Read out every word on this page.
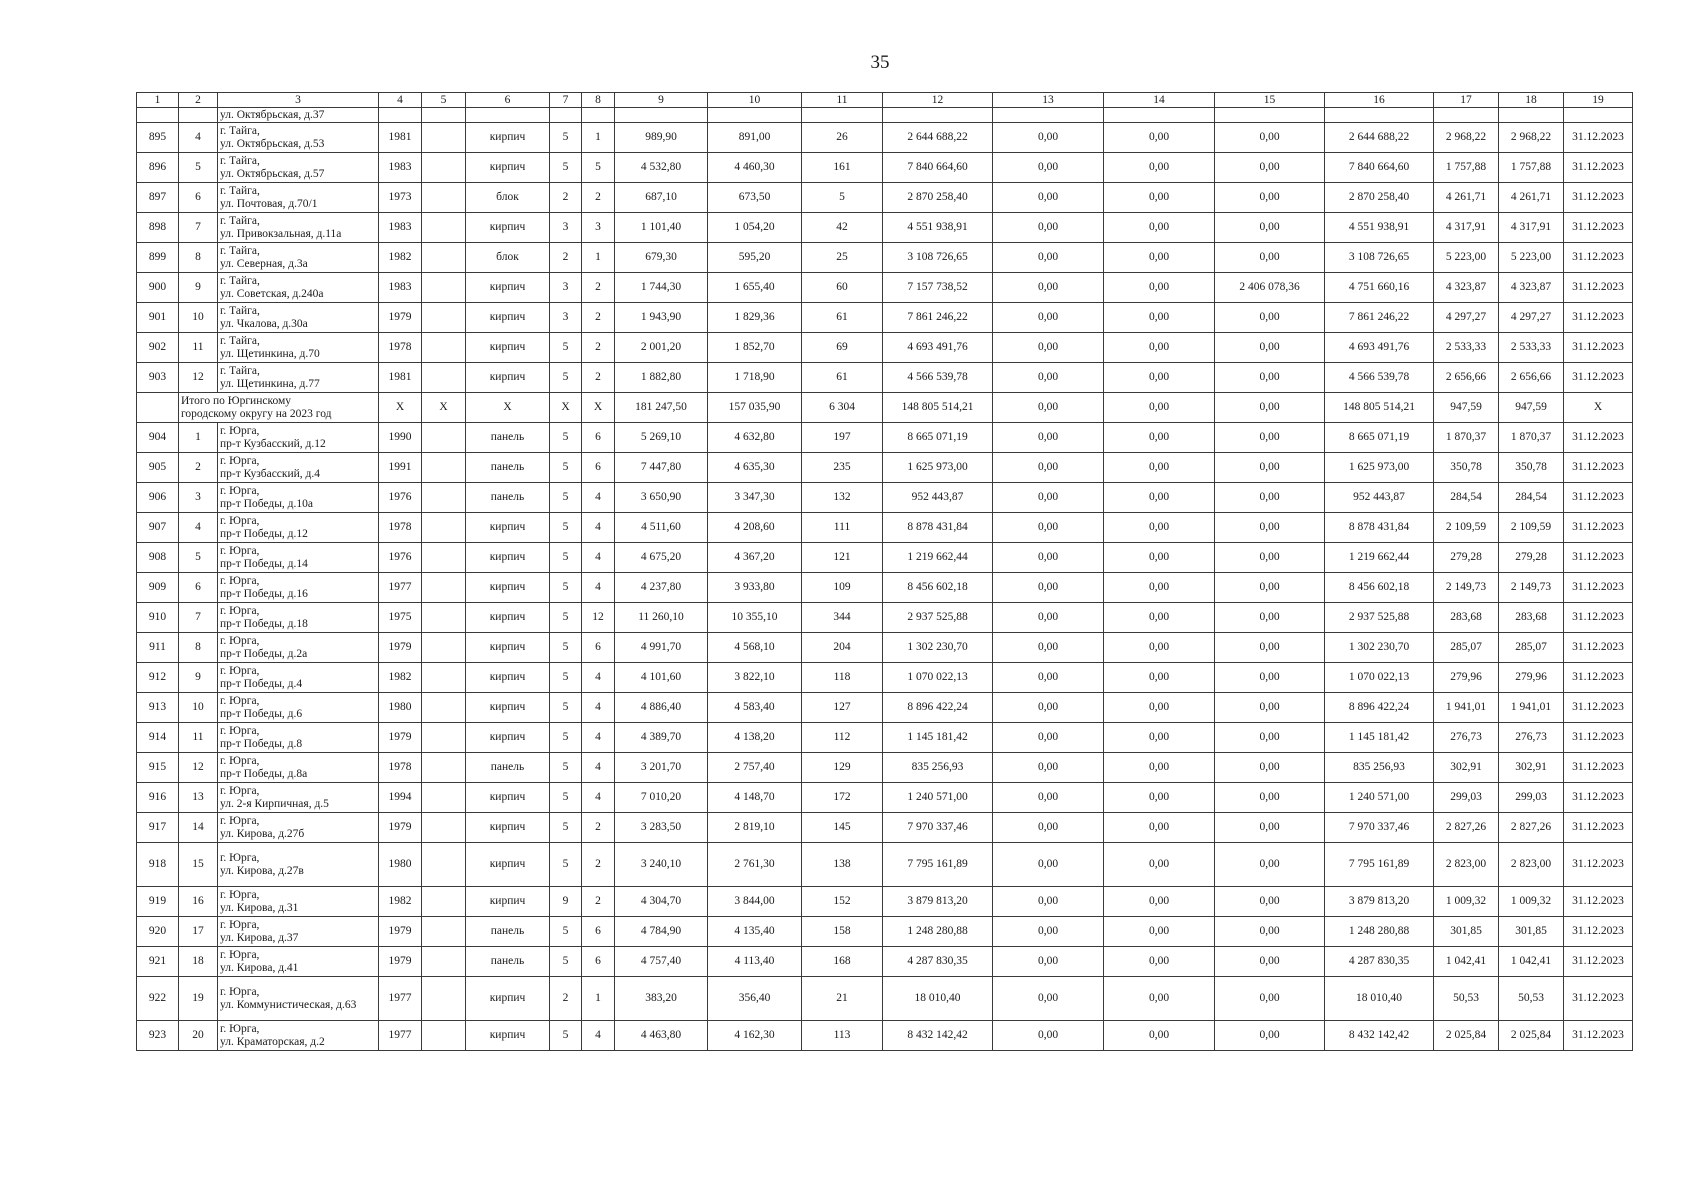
35
1	2	3	4	5	6	7	8	9	10	11	12	13	14	15	16	17	18	19
		ул. Октябрьская, д.37																
895	4	г. Тайга,
ул. Октябрьская, д.53	1981		кирпич	5	1	989,90	891,00	26	2 644 688,22	0,00	0,00	0,00	2 644 688,22	2 968,22	2 968,22	31.12.2023
896	5	г. Тайга,
ул. Октябрьская, д.57	1983		кирпич	5	5	4 532,80	4 460,30	161	7 840 664,60	0,00	0,00	0,00	7 840 664,60	1 757,88	1 757,88	31.12.2023
897	6	г. Тайга,
ул. Почтовая, д.70/1	1973		блок	2	2	687,10	673,50	5	2 870 258,40	0,00	0,00	0,00	2 870 258,40	4 261,71	4 261,71	31.12.2023
898	7	г. Тайга,
ул. Привокзальная, д.11а	1983		кирпич	3	3	1 101,40	1 054,20	42	4 551 938,91	0,00	0,00	0,00	4 551 938,91	4 317,91	4 317,91	31.12.2023
899	8	г. Тайга,
ул. Северная, д.3а	1982		блок	2	1	679,30	595,20	25	3 108 726,65	0,00	0,00	0,00	3 108 726,65	5 223,00	5 223,00	31.12.2023
900	9	г. Тайга,
ул. Советская, д.240а	1983		кирпич	3	2	1 744,30	1 655,40	60	7 157 738,52	0,00	0,00	2 406 078,36	4 751 660,16	4 323,87	4 323,87	31.12.2023
901	10	г. Тайга,
ул. Чкалова, д.30а	1979		кирпич	3	2	1 943,90	1 829,36	61	7 861 246,22	0,00	0,00	0,00	7 861 246,22	4 297,27	4 297,27	31.12.2023
902	11	г. Тайга,
ул. Щетинкина, д.70	1978		кирпич	5	2	2 001,20	1 852,70	69	4 693 491,76	0,00	0,00	0,00	4 693 491,76	2 533,33	2 533,33	31.12.2023
903	12	г. Тайга,
ул. Щетинкина, д.77	1981		кирпич	5	2	1 882,80	1 718,90	61	4 566 539,78	0,00	0,00	0,00	4 566 539,78	2 656,66	2 656,66	31.12.2023

	Итого по Юргинскому
городскому округу на 2023 год		X	X	X	X	X	181 247,50	157 035,90	6 304	148 805 514,21	0,00	0,00	0,00	148 805 514,21	947,59	947,59	X
904	1	г. Юрга,
пр-т Кузбасский, д.12	1990		панель	5	6	5 269,10	4 632,80	197	8 665 071,19	0,00	0,00	0,00	8 665 071,19	1 870,37	1 870,37	31.12.2023
905	2	г. Юрга,
пр-т Кузбасский, д.4	1991		панель	5	6	7 447,80	4 635,30	235	1 625 973,00	0,00	0,00	0,00	1 625 973,00	350,78	350,78	31.12.2023
906	3	г. Юрга,
пр-т Победы, д.10а	1976		панель	5	4	3 650,90	3 347,30	132	952 443,87	0,00	0,00	0,00	952 443,87	284,54	284,54	31.12.2023
907	4	г. Юрга,
пр-т Победы, д.12	1978		кирпич	5	4	4 511,60	4 208,60	111	8 878 431,84	0,00	0,00	0,00	8 878 431,84	2 109,59	2 109,59	31.12.2023
908	5	г. Юрга,
пр-т Победы, д.14	1976		кирпич	5	4	4 675,20	4 367,20	121	1 219 662,44	0,00	0,00	0,00	1 219 662,44	279,28	279,28	31.12.2023
909	6	г. Юрга,
пр-т Победы, д.16	1977		кирпич	5	4	4 237,80	3 933,80	109	8 456 602,18	0,00	0,00	0,00	8 456 602,18	2 149,73	2 149,73	31.12.2023
910	7	г. Юрга,
пр-т Победы, д.18	1975		кирпич	5	12	11 260,10	10 355,10	344	2 937 525,88	0,00	0,00	0,00	2 937 525,88	283,68	283,68	31.12.2023
911	8	г. Юрга,
пр-т Победы, д.2а	1979		кирпич	5	6	4 991,70	4 568,10	204	1 302 230,70	0,00	0,00	0,00	1 302 230,70	285,07	285,07	31.12.2023
912	9	г. Юрга,
пр-т Победы, д.4	1982		кирпич	5	4	4 101,60	3 822,10	118	1 070 022,13	0,00	0,00	0,00	1 070 022,13	279,96	279,96	31.12.2023
913	10	г. Юрга,
пр-т Победы, д.6	1980		кирпич	5	4	4 886,40	4 583,40	127	8 896 422,24	0,00	0,00	0,00	8 896 422,24	1 941,01	1 941,01	31.12.2023
914	11	г. Юрга,
пр-т Победы, д.8	1979		кирпич	5	4	4 389,70	4 138,20	112	1 145 181,42	0,00	0,00	0,00	1 145 181,42	276,73	276,73	31.12.2023
915	12	г. Юрга,
пр-т Победы, д.8а	1978		панель	5	4	3 201,70	2 757,40	129	835 256,93	0,00	0,00	0,00	835 256,93	302,91	302,91	31.12.2023
916	13	г. Юрга,
ул. 2-я Кирпичная, д.5	1994		кирпич	5	4	7 010,20	4 148,70	172	1 240 571,00	0,00	0,00	0,00	1 240 571,00	299,03	299,03	31.12.2023
917	14	г. Юрга,
ул. Кирова, д.27б	1979		кирпич	5	2	3 283,50	2 819,10	145	7 970 337,46	0,00	0,00	0,00	7 970 337,46	2 827,26	2 827,26	31.12.2023
918	15	г. Юрга,
ул. Кирова, д.27в	1980		кирпич	5	2	3 240,10	2 761,30	138	7 795 161,89	0,00	0,00	0,00	7 795 161,89	2 823,00	2 823,00	31.12.2023
919	16	г. Юрга,
ул. Кирова, д.31	1982		кирпич	9	2	4 304,70	3 844,00	152	3 879 813,20	0,00	0,00	0,00	3 879 813,20	1 009,32	1 009,32	31.12.2023
920	17	г. Юрга,
ул. Кирова, д.37	1979		панель	5	6	4 784,90	4 135,40	158	1 248 280,88	0,00	0,00	0,00	1 248 280,88	301,85	301,85	31.12.2023
921	18	г. Юрга,
ул. Кирова, д.41	1979		панель	5	6	4 757,40	4 113,40	168	4 287 830,35	0,00	0,00	0,00	4 287 830,35	1 042,41	1 042,41	31.12.2023
922	19	г. Юрга,
ул. Коммунистическая, д.63	1977		кирпич	2	1	383,20	356,40	21	18 010,40	0,00	0,00	0,00	18 010,40	50,53	50,53	31.12.2023
923	20	г. Юрга,
ул. Краматорская, д.2	1977		кирпич	5	4	4 463,80	4 162,30	113	8 432 142,42	0,00	0,00	0,00	8 432 142,42	2 025,84	2 025,84	31.12.2023
